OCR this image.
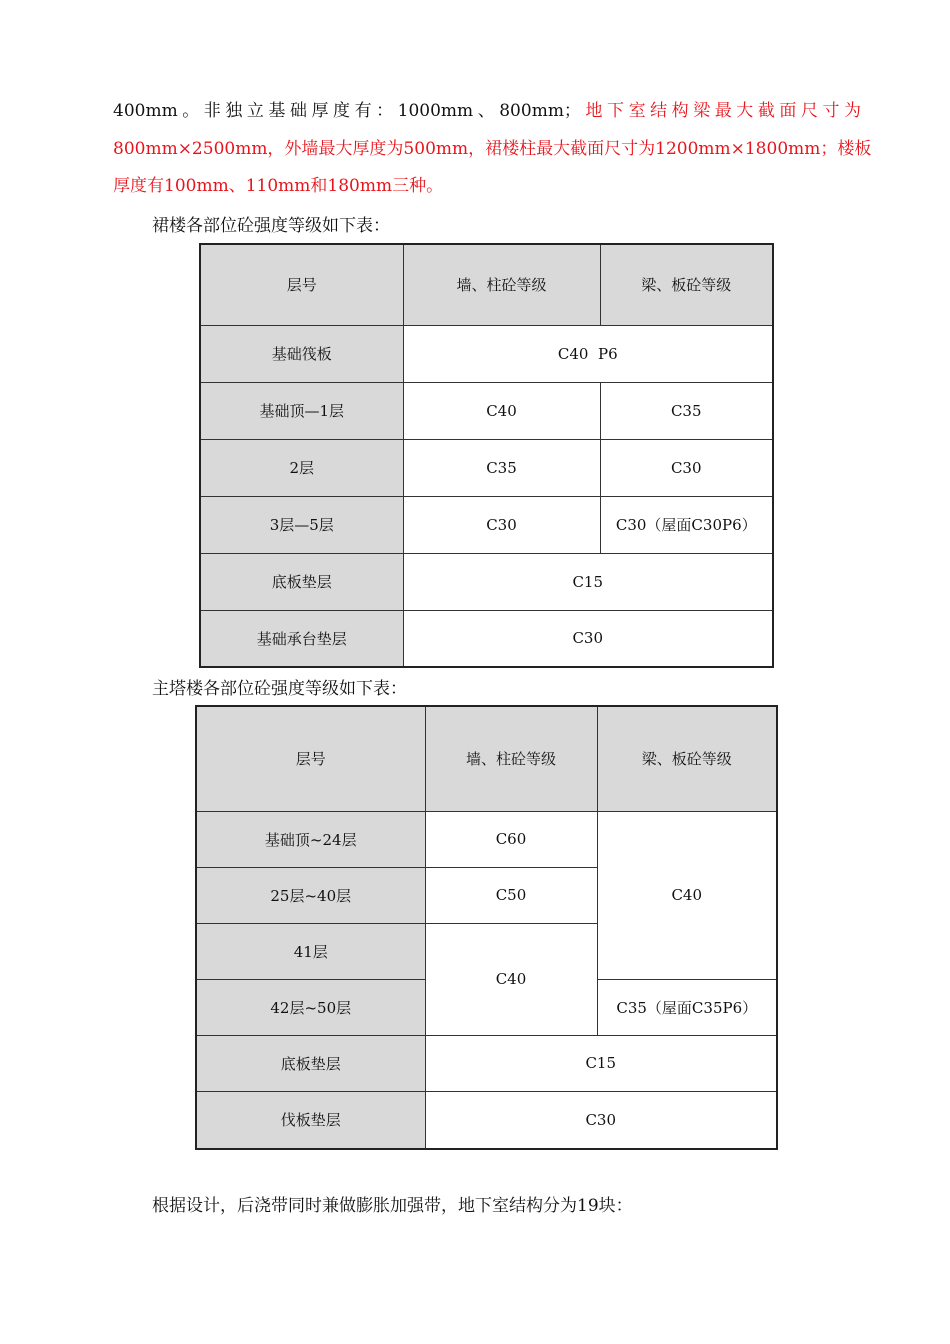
400mm。非独立基础厚度有：1000mm、800mm；地下室结构梁最大截面尺寸为
800mm×2500mm，外墙最大厚度为500mm，裙楼柱最大截面尺寸为1200mm×1800mm；楼板
厚度有100mm、110mm和180mm三种。
裙楼各部位砼强度等级如下表：
层号	墙、柱砼等级	梁、板砼等级
基础筏板	C40  P6	
基础顶—1层	C40	C35
2层	C35	C30
3层—5层	C30	C30（屋面C30P6）
底板垫层	C15	
基础承台垫层	C30	
主塔楼各部位砼强度等级如下表：
层号	墙、柱砼等级	梁、板砼等级
基础顶~24层	C60	C40
25层~40层	C50	
41层	C40	
42层~50层		C35（屋面C35P6）
底板垫层	C15	
伐板垫层	C30	
根据设计，后浇带同时兼做膨胀加强带，地下室结构分为19块：
